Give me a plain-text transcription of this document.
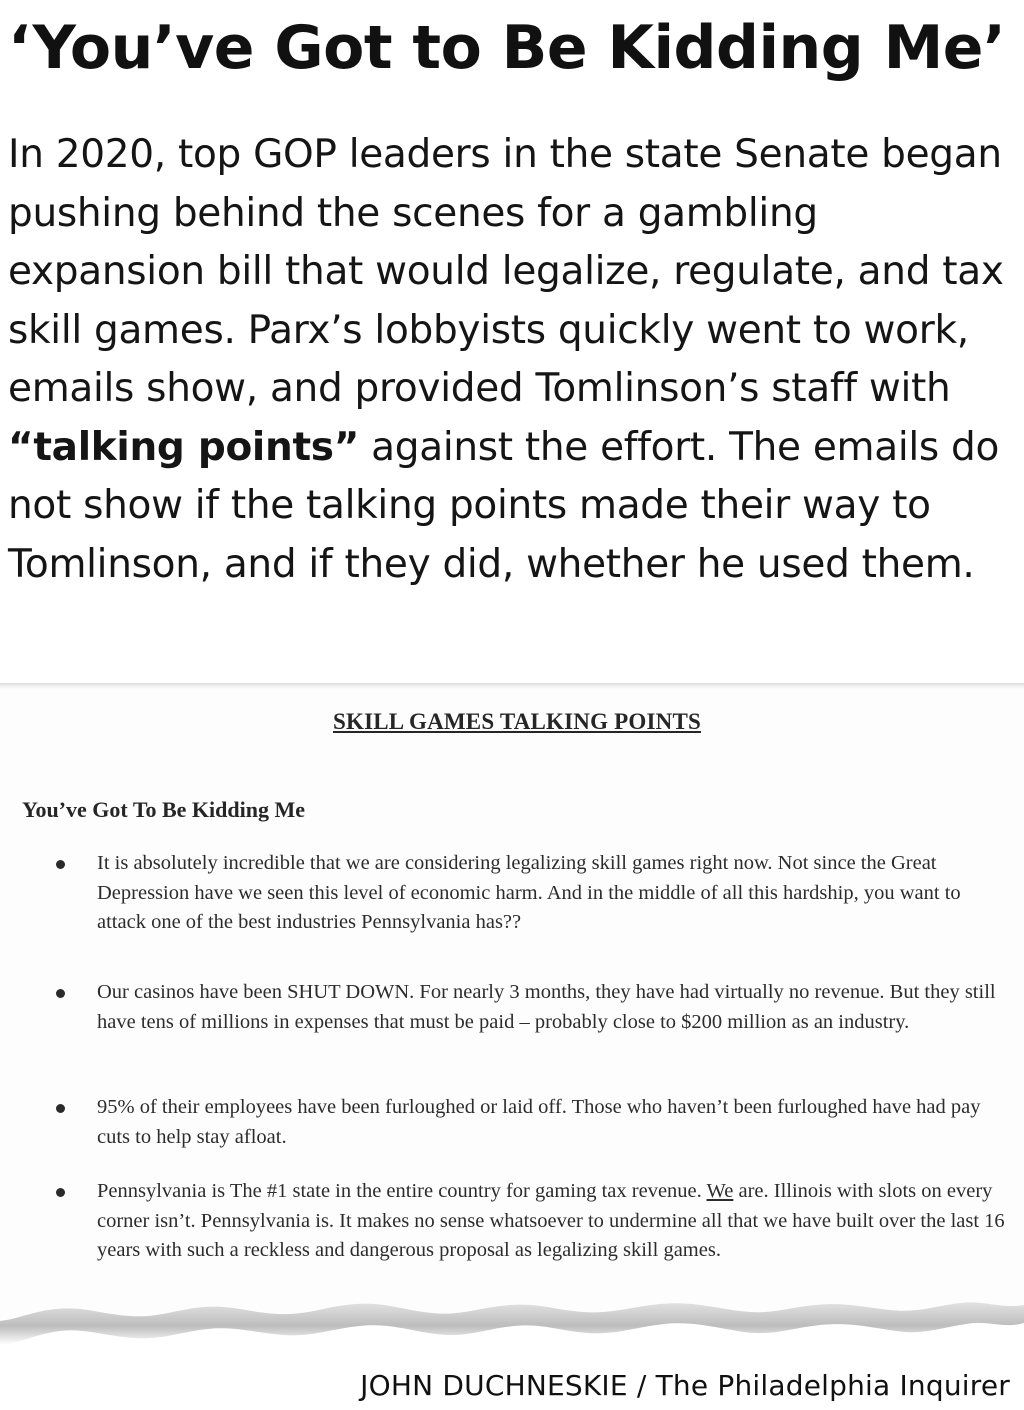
‘You’ve Got to Be Kidding Me’

In 2020, top GOP leaders in the state Senate began pushing behind the scenes for a gambling expansion bill that would legalize, regulate, and tax skill games. Parx’s lobbyists quickly went to work, emails show, and provided Tomlinson’s staff with “talking points” against the effort. The emails do not show if the talking points made their way to Tomlinson, and if they did, whether he used them.

SKILL GAMES TALKING POINTS
You’ve Got To Be Kidding Me
It is absolutely incredible that we are considering legalizing skill games right now. Not since the Great Depression have we seen this level of economic harm. And in the middle of all this hardship, you want to attack one of the best industries Pennsylvania has??
Our casinos have been SHUT DOWN. For nearly 3 months, they have had virtually no revenue. But they still have tens of millions in expenses that must be paid – probably close to $200 million as an industry.
95% of their employees have been furloughed or laid off. Those who haven’t been furloughed have had pay cuts to help stay afloat.
Pennsylvania is The #1 state in the entire country for gaming tax revenue. We are. Illinois with slots on every corner isn’t. Pennsylvania is. It makes no sense whatsoever to undermine all that we have built over the last 16 years with such a reckless and dangerous proposal as legalizing skill games.
JOHN DUCHNESKIE / The Philadelphia Inquirer
